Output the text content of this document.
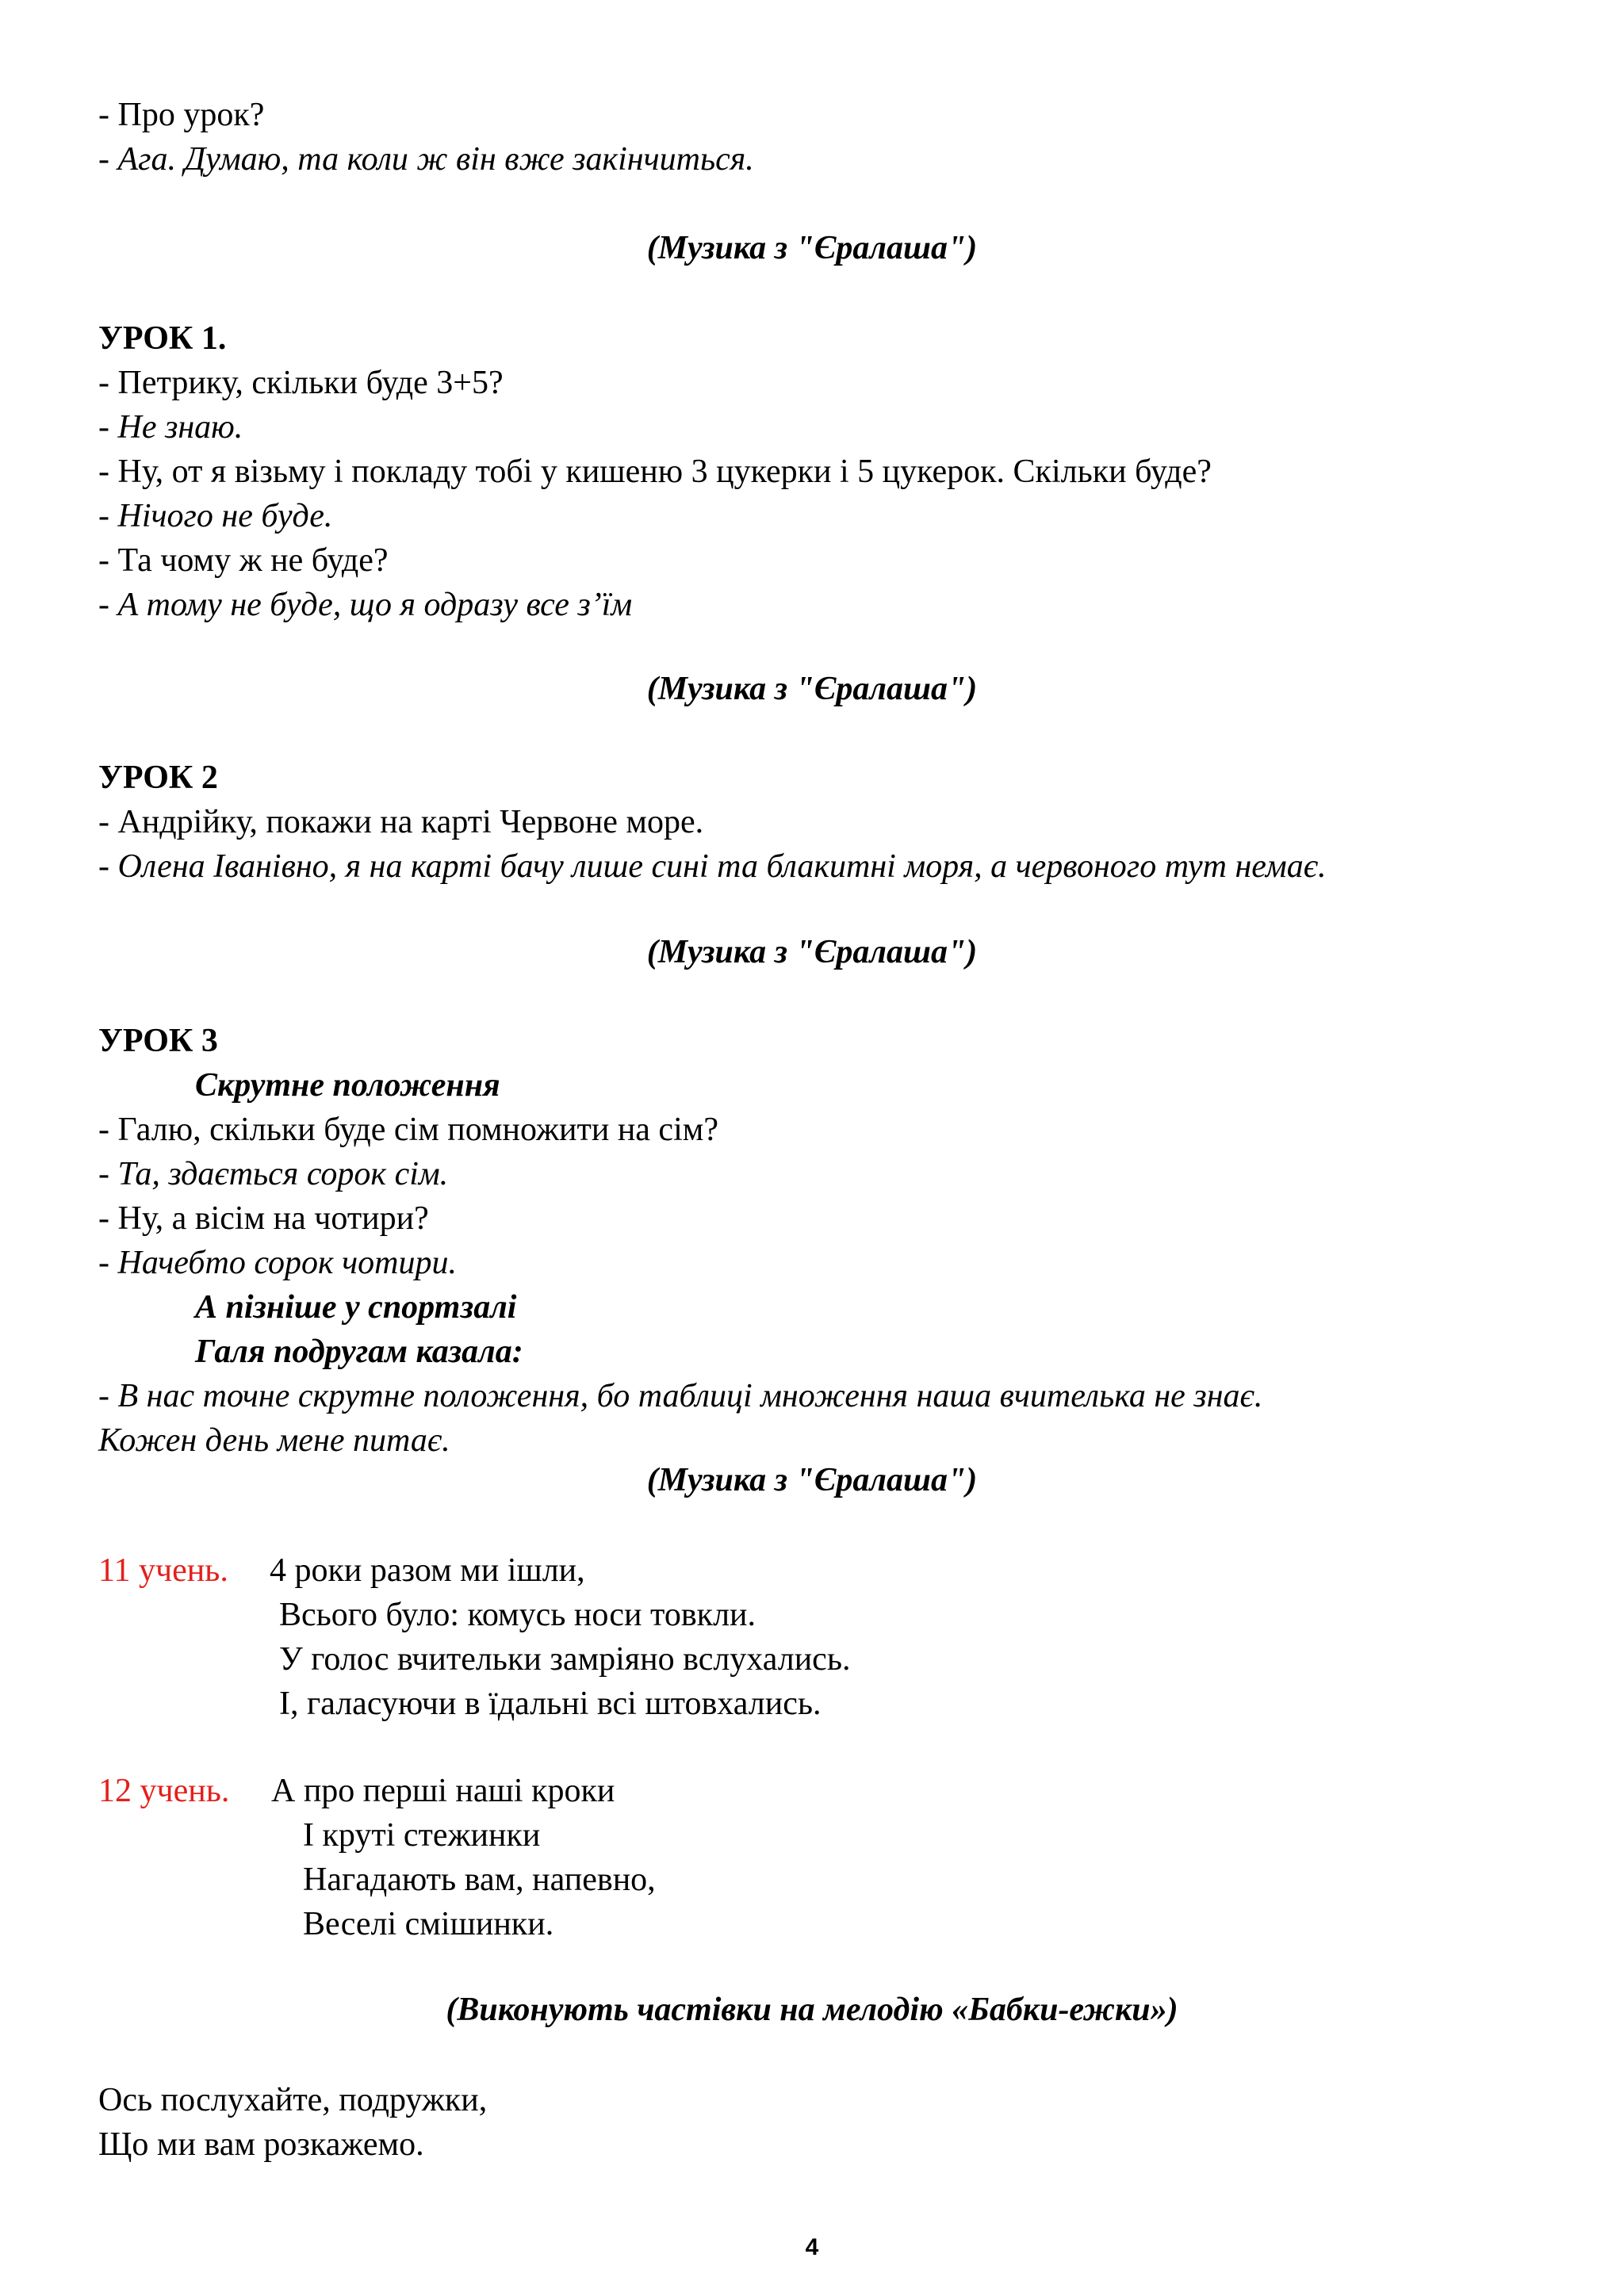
- Про урок?
- Ага. Думаю, та коли ж він вже закінчиться.
(Музика з "Єралаша")
УРОК 1.
- Петрику, скільки буде 3+5?
- Не знаю.
- Ну, от я візьму і покладу тобі у кишеню 3 цукерки і 5 цукерок. Скільки буде?
- Нічого не буде.
- Та чому ж не буде?
- А тому не буде, що я одразу все з’їм
(Музика з "Єралаша")
УРОК 2
- Андрійку, покажи на карті Червоне море.
- Олена Іванівно, я на карті бачу лише сині та блакитні моря, а червоного тут немає.
(Музика з "Єралаша")
УРОК 3
Скрутне положення
- Галю, скільки буде сім помножити на сім?
- Та, здається сорок сім.
- Ну, а вісім на чотири?
- Начебто сорок чотири.
А пізніше у спортзалі
Галя подругам казала:
- В нас точне скрутне положення, бо таблиці множення наша вчителька не знає.
Кожен день мене питає.
(Музика з "Єралаша")
11 учень. 4 роки разом ми ішли,
Всього було: комусь носи товкли.
У голос вчительки замріяно вслухались.
І, галасуючи в їдальні всі штовхались.
12 учень. А про перші наші кроки
І круті стежинки
Нагадають вам, напевно,
Веселі смішинки.
(Виконують частівки на мелодію «Бабки-ежки»)
Ось послухайте, подружки,
Що ми вам розкажемо.
4
